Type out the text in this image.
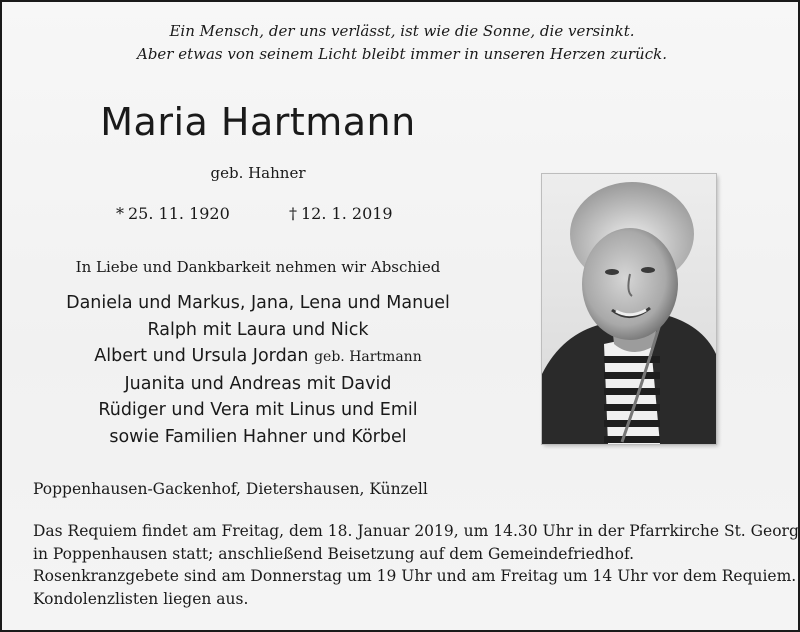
Ein Mensch, der uns verlässt, ist wie die Sonne, die versinkt.
Aber etwas von seinem Licht bleibt immer in unseren Herzen zurück.
Maria Hartmann
geb. Hahner
* 25. 11. 1920	† 12. 1. 2019
In Liebe und Dankbarkeit nehmen wir Abschied
Daniela und Markus, Jana, Lena und Manuel
Ralph mit Laura und Nick
Albert und Ursula Jordan geb. Hartmann
Juanita und Andreas mit David
Rüdiger und Vera mit Linus und Emil
sowie Familien Hahner und Körbel
Poppenhausen-Gackenhof, Dietershausen, Künzell
Das Requiem findet am Freitag, dem 18. Januar 2019, um 14.30 Uhr in der Pfarrkirche St. Georg
in Poppenhausen statt; anschließend Beisetzung auf dem Gemeindefriedhof.
Rosenkranzgebete sind am Donnerstag um 19 Uhr und am Freitag um 14 Uhr vor dem Requiem.
Kondolenzlisten liegen aus.
